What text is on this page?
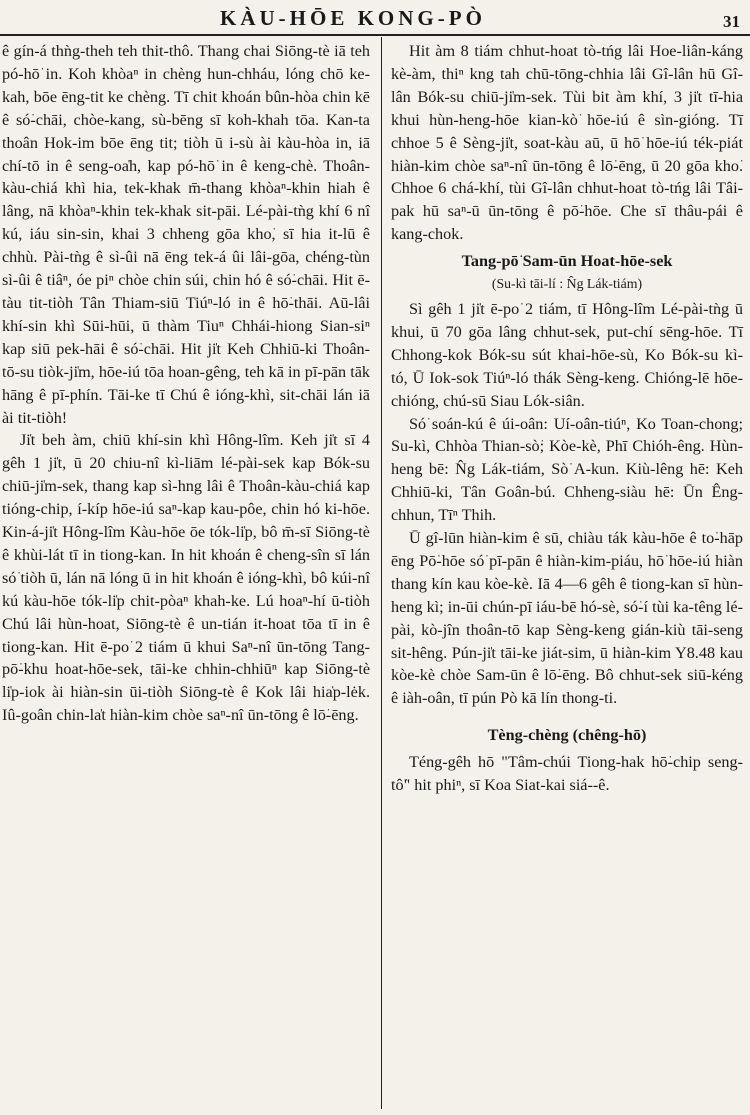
KÀU-HŌE KONG-PÒ	31

ê gín-á thǹg-theh teh thit-thô. Thang chai Siōng-tè iā teh pó-hō͘ in. Koh khòaⁿ in chèng hun-chháu, lóng chō ke-kah, bōe ēng-tit ke chèng. Tī chit khoán bûn-hòa chin kē ê só͘-chāi, chòe-kang, sù-bēng sī koh-khah tōa. Kan-ta thoân Hok-im bōe ēng tit; tiòh ū i-sù ài kàu-hòa in, iā chí-tō in ê seng-oa̍h, kap pó-hō͘ in ê keng-chè. Thoân-kàu-chiá khì hia, tek-khak m̄-thang khòaⁿ-khin hiah ê lâng, nā khòaⁿ-khin tek-khak sit-pāi. Lé-pài-tǹg khí 6 nî kú, iáu sin-sin, khai 3 chheng gōa kho͘, sī hia it-lū ê chhù. Pài-tǹg ê sì-ûi nā ēng tek-á ûi lâi-gōa, chéng-tùn sì-ûi ê tiâⁿ, óe piⁿ chòe chin súi, chin hó ê só͘-chāi. Hit ē-tàu tit-tiòh Tân Thiam-siū Tiúⁿ-ló in ê hō͘-thāi. Aū-lâi khí-sin khì Sūi-hūi, ū thàm Tiuⁿ Chhái-hiong Sian-siⁿ kap siū pek-hāi ê só͘-chāi. Hit ji̍t Keh Chhiū-ki Thoân-tō-su tiòk-ji̍m, hōe-iú tōa hoan-gêng, teh kā in pī-pān tāk hāng ê pī-phín. Tāi-ke tī Chú ê ióng-khì, sit-chāi lán iā ài tit-tiòh!

Ji̍t beh àm, chiū khí-sin khì Hông-lîm. Keh ji̍t sī 4 gêh 1 ji̍t, ū 20 chiu-nî kì-liām lé-pài-sek kap Bók-su chiū-ji̍m-sek, thang kap sì-hng lâi ê Thoân-kàu-chiá kap tióng-chip, í-kíp hōe-iú saⁿ-kap kau-pôe, chin hó ki-hōe. Kin-á-ji̍t Hông-lîm Kàu-hōe ōe tók-li̍p, bô m̄-sī Siōng-tè ê khùi-lát tī in tiong-kan. In hit khoán ê cheng-sîn sī lán só͘ tiòh ū, lán nā lóng ū in hit khoán ê ióng-khì, bô kúi-nî kú kàu-hōe tók-li̍p chit-pòaⁿ khah-ke. Lú hoaⁿ-hí ū-tiòh Chú lâi hùn-hoat, Siōng-tè ê un-tián it-hoat tōa tī in ê tiong-kan. Hit ē-po͘ 2 tiám ū khui Saⁿ-nî ūn-tōng Tang-pō͘-khu hoat-hōe-sek, tāi-ke chhin-chhiūⁿ kap Siōng-tè li̍p-iok ài hiàn-sin ūi-tiòh Siōng-tè ê Kok lâi hia̍p-lėk. Iû-goân chin-la̍t hiàn-kim chòe saⁿ-nî ūn-tōng ê lō͘-ēng.

Hit àm 8 tiám chhut-hoat tò-tńg lâi Hoe-liân-káng kè-àm, thiⁿ kng tah chū-tōng-chhia lâi Gî-lân hū Gî-lân Bók-su chiū-ji̍m-sek. Tùi bit àm khí, 3 ji̍t tī-hia khui hùn-heng-hōe kian-kò͘ hōe-iú ê sìn-gióng. Tī chhoe 5 ê Sèng-ji̍t, soat-kàu aū, ū hō͘ hōe-iú ték-piát hiàn-kim chòe saⁿ-nî ūn-tōng ê lō͘-ēng, ū 20 gōa kho͘. Chhoe 6 chá-khí, tùi Gî-lân chhut-hoat tò-tńg lâi Tâi-pak hū saⁿ-ū ūn-tōng ê pō͘-hōe. Che sī thâu-pái ê kang-chok.

Tang-pō͘ Sam-ūn Hoat-hōe-sek
(Su-kì tāi-lí : N̂g Lák-tiám)

Sì gêh 1 ji̍t ē-po͘ 2 tiám, tī Hông-lîm Lé-pài-tǹg ū khui, ū 70 gōa lâng chhut-sek, put-chí sēng-hōe. Tī Chhong-kok Bók-su sút khai-hōe-sù, Ko Bók-su kì-tó, Ū Iok-sok Tiúⁿ-ló thák Sèng-keng. Chióng-lē hōe-chióng, chú-sū Siau Lók-siân.

Só͘ soán-kú ê úi-oân: Uí-oân-tiúⁿ, Ko Toan-chong; Su-kì, Chhòa Thian-sò͘; Kòe-kè, Phī Chióh-êng. Hùn-heng bē: N̂g Lák-tiám, Sò͘ A-kun. Kiù-lêng hē: Keh Chhiū-ki, Tân Goân-bú. Chheng-siàu hē: Ūn Êng-chhun, Tīⁿ Thih.

Ū gî-lūn hiàn-kim ê sū, chiàu ták kàu-hōe ê to͘-hāp ēng Pō͘-hōe só͘ pī-pān ê hiàn-kim-piáu, hō͘ hōe-iú hiàn thang kín kau kòe-kè. Iā 4—6 gêh ê tiong-kan sī hùn-heng kì; in-ūi chún-pī iáu-bē hó-sè, só͘-í tùi ka-têng lé-pài, kò-jîn thoân-tō kap Sèng-keng gián-kiù tāi-seng sit-hêng. Pún-ji̍t tāi-ke jiát-sim, ū hiàn-kim Y8.48 kau kòe-kè chòe Sam-ūn ê lō͘-ēng. Bô chhut-sek siū-kéng ê iàh-oân, tī pún Pò kā lín thong-ti.

Tèng-chèng (chêng-hō)

Téng-gêh hō "Tâm-chúi Tiong-hak hō͘-chip seng-tô͘" hit phiⁿ, sī Koa Siat-kai siá--ê.
